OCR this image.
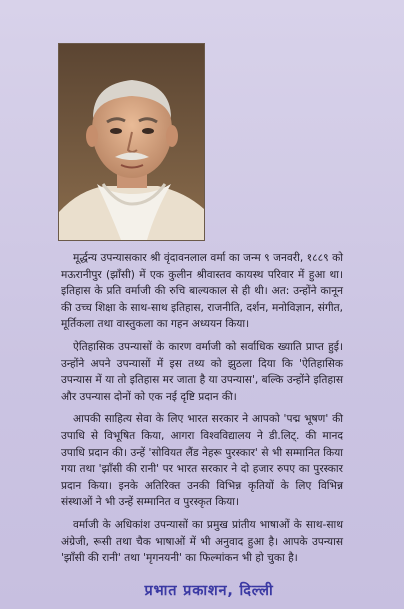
मूर्द्धन्य उपन्यासकार श्री वृंदावनलाल वर्मा का जन्म ९ जनवरी, १८८९ को मऊरानीपुर (झाँसी) में एक कुलीन श्रीवास्तव कायस्थ परिवार में हुआ था। इतिहास के प्रति वर्माजी की रुचि बाल्यकाल से ही थी। अत: उन्होंने कानून की उच्च शिक्षा के साथ-साथ इतिहास, राजनीति, दर्शन, मनोविज्ञान, संगीत, मूर्तिकला तथा वास्तुकला का गहन अध्ययन किया।

ऐतिहासिक उपन्यासों के कारण वर्माजी को सर्वाधिक ख्याति प्राप्त हुई। उन्होंने अपने उपन्यासों में इस तथ्य को झुठला दिया कि 'ऐतिहासिक उपन्यास में या तो इतिहास मर जाता है या उपन्यास', बल्कि उन्होंने इतिहास और उपन्यास दोनों को एक नई दृष्टि प्रदान की।

आपकी साहित्य सेवा के लिए भारत सरकार ने आपको 'पद्म भूषण' की उपाधि से विभूषित किया, आगरा विश्वविद्यालय ने डी.लिट्. की मानद उपाधि प्रदान की। उन्हें 'सोवियत लैंड नेहरू पुरस्कार' से भी सम्मानित किया गया तथा 'झाँसी की रानी' पर भारत सरकार ने दो हजार रुपए का पुरस्कार प्रदान किया। इनके अतिरिक्त उनकी विभिन्न कृतियों के लिए विभिन्न संस्थाओं ने भी उन्हें सम्मानित व पुरस्कृत किया।

वर्माजी के अधिकांश उपन्यासों का प्रमुख प्रांतीय भाषाओं के साथ-साथ अंग्रेजी, रूसी तथा चैक भाषाओं में भी अनुवाद हुआ है। आपके उपन्यास 'झाँसी की रानी' तथा 'मृगनयनी' का फिल्मांकन भी हो चुका है।

प्रभात प्रकाशन, दिल्ली
